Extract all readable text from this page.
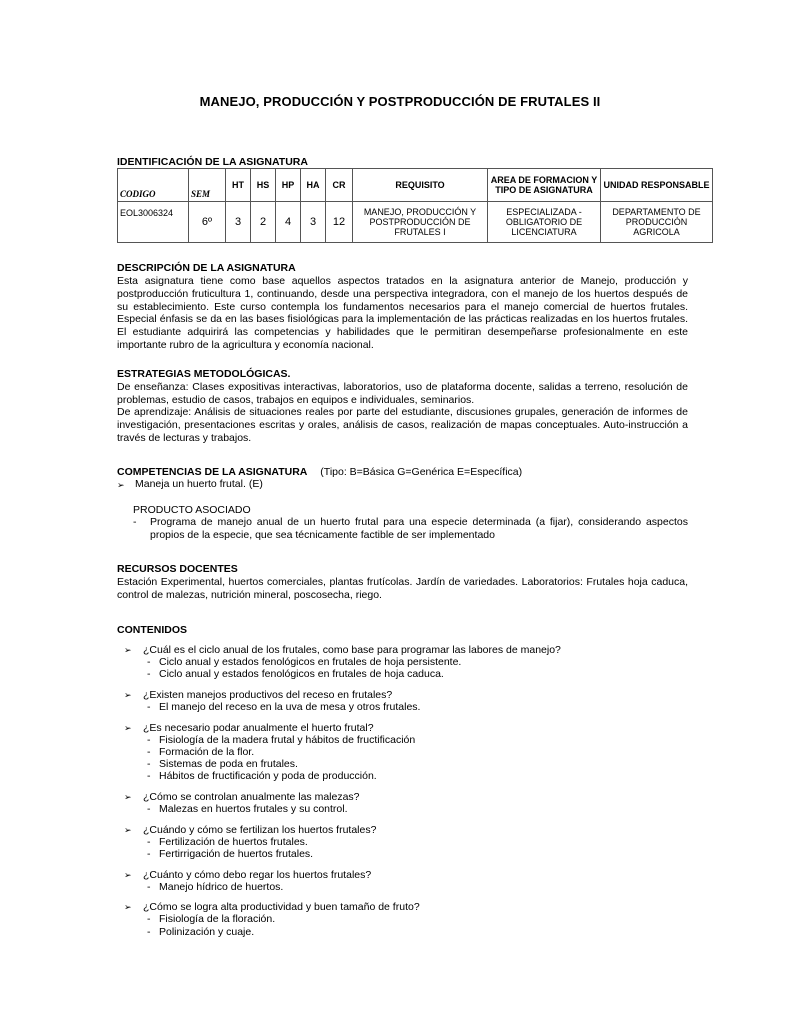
MANEJO, PRODUCCIÓN Y POSTPRODUCCIÓN DE FRUTALES II
IDENTIFICACIÓN DE LA ASIGNATURA
CODIGO	SEM	HT	HS	HP	HA	CR	REQUISITO	AREA DE FORMACION Y TIPO DE ASIGNATURA	UNIDAD RESPONSABLE
EOL3006324	6º	3	2	4	3	12	MANEJO, PRODUCCIÓN Y POSTPRODUCCIÓN DE FRUTALES I	ESPECIALIZADA - OBLIGATORIO DE LICENCIATURA	DEPARTAMENTO DE PRODUCCIÓN AGRICOLA
DESCRIPCIÓN DE LA ASIGNATURA
Esta asignatura tiene como base aquellos aspectos tratados en la asignatura anterior de Manejo, producción y postproducción fruticultura 1, continuando, desde una perspectiva integradora, con el manejo de los huertos después de su establecimiento. Este curso contempla los fundamentos necesarios para el manejo comercial de huertos frutales. Especial énfasis se da en las bases fisiológicas para la implementación de las prácticas realizadas en los huertos frutales. El estudiante adquirirá las competencias y habilidades que le permitiran desempeñarse profesionalmente en este importante rubro de la agricultura y economía nacional.
ESTRATEGIAS METODOLÓGICAS.
De enseñanza: Clases expositivas interactivas, laboratorios, uso de plataforma docente, salidas a terreno, resolución de problemas, estudio de casos, trabajos en equipos e individuales, seminarios.
De aprendizaje: Análisis de situaciones reales por parte del estudiante, discusiones grupales, generación de informes de investigación, presentaciones escritas y orales, análisis de casos, realización de mapas conceptuales. Auto-instrucción a través de lecturas y trabajos.
COMPETENCIAS DE LA ASIGNATURA (Tipo: B=Básica G=Genérica E=Específica)
➢ Maneja un huerto frutal. (E)
PRODUCTO ASOCIADO
- Programa de manejo anual de un huerto frutal para una especie determinada (a fijar), considerando aspectos propios de la especie, que sea técnicamente factible de ser implementado
RECURSOS DOCENTES
Estación Experimental, huertos comerciales, plantas frutícolas. Jardín de variedades. Laboratorios: Frutales hoja caduca, control de malezas, nutrición mineral, poscosecha, riego.
CONTENIDOS
➢ ¿Cuál es el ciclo anual de los frutales, como base para programar las labores de manejo?
- Ciclo anual y estados fenológicos en frutales de hoja persistente.
- Ciclo anual y estados fenológicos en frutales de hoja caduca.
➢ ¿Existen manejos productivos del receso en frutales?
- El manejo del receso en la uva de mesa y otros frutales.
➢ ¿Es necesario podar anualmente el huerto frutal?
- Fisiología de la madera frutal y hábitos de fructificación
- Formación de la flor.
- Sistemas de poda en frutales.
- Hábitos de fructificación y poda de producción.
➢ ¿Cómo se controlan anualmente las malezas?
- Malezas en huertos frutales y su control.
➢ ¿Cuándo y cómo se fertilizan los huertos frutales?
- Fertilización de huertos frutales.
- Fertirrigación de huertos frutales.
➢ ¿Cuánto y cómo debo regar los huertos frutales?
- Manejo hídrico de huertos.
➢ ¿Cómo se logra alta productividad y buen tamaño de fruto?
- Fisiología de la floración.
- Polinización y cuaje.
